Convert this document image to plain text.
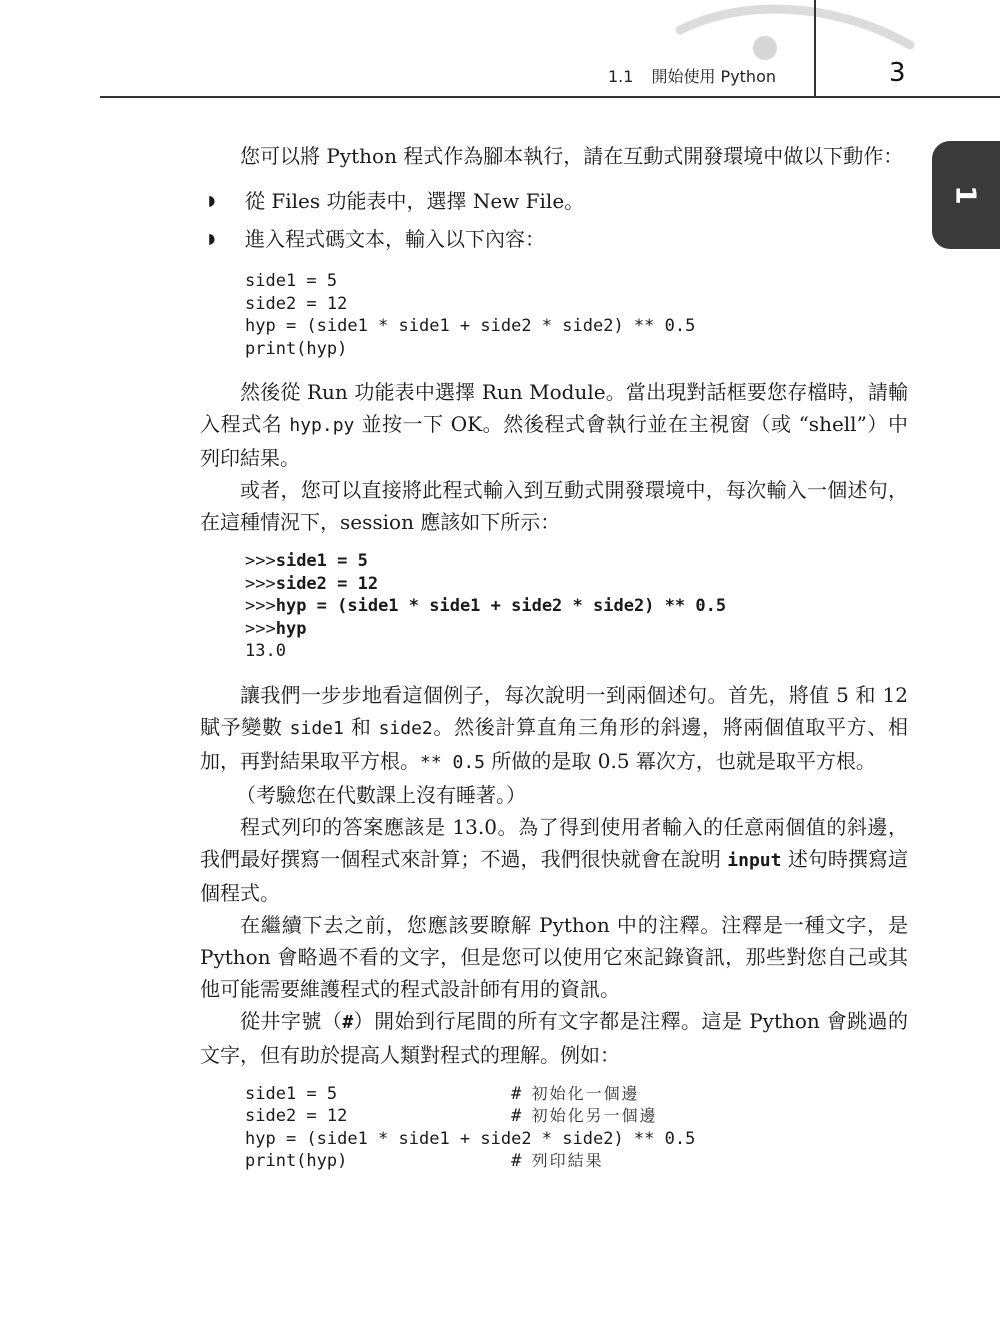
1.1 開始使用 Python	3
1

您可以將 Python 程式作為腳本執行，請在互動式開發環境中做以下動作：

◗ 從 Files 功能表中，選擇 New File。
◗ 進入程式碼文本，輸入以下內容：
side1 = 5
side2 = 12
hyp = (side1 * side1 + side2 * side2) ** 0.5
print(hyp)

然後從 Run 功能表中選擇 Run Module。當出現對話框要您存檔時，請輸入程式名 hyp.py 並按一下 OK。然後程式會執行並在主視窗（或 “shell”）中列印結果。

或者，您可以直接將此程式輸入到互動式開發環境中，每次輸入一個述句，在這種情況下，session 應該如下所示：

>>>side1 = 5
>>>side2 = 12
>>>hyp = (side1 * side1 + side2 * side2) ** 0.5
>>>hyp
13.0

讓我們一步步地看這個例子，每次說明一到兩個述句。首先，將值 5 和 12 賦予變數 side1 和 side2。然後計算直角三角形的斜邊，將兩個值取平方、相加，再對結果取平方根。** 0.5 所做的是取 0.5 冪次方，也就是取平方根。

（考驗您在代數課上沒有睡著。）

程式列印的答案應該是 13.0。為了得到使用者輸入的任意兩個值的斜邊，我們最好撰寫一個程式來計算；不過，我們很快就會在說明 input 述句時撰寫這個程式。

在繼續下去之前，您應該要瞭解 Python 中的注釋。注釋是一種文字，是 Python 會略過不看的文字，但是您可以使用它來記錄資訊，那些對您自己或其他可能需要維護程式的程式設計師有用的資訊。

從井字號（#）開始到行尾間的所有文字都是注釋。這是 Python 會跳過的文字，但有助於提高人類對程式的理解。例如：

side1 = 5	# 初始化一個邊
side2 = 12	# 初始化另一個邊
hyp = (side1 * side1 + side2 * side2) ** 0.5
print(hyp)	# 列印結果
